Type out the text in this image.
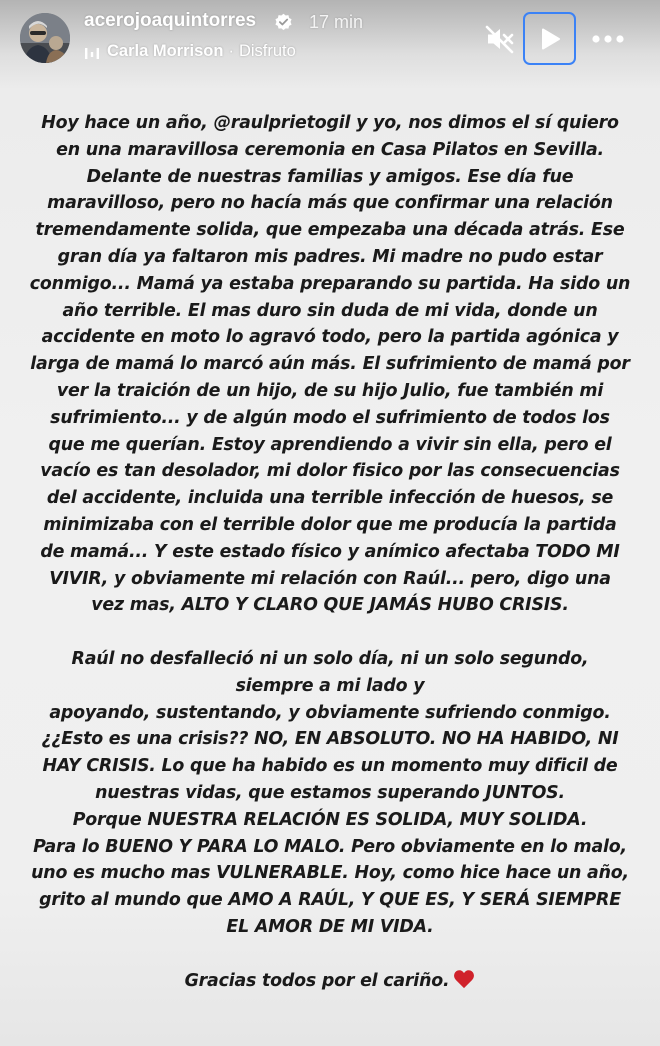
acerojoaquintorres	17 min
Carla Morrison · Disfruto

Hoy hace un año, @raulprietogil y yo, nos dimos el sí quiero
en una maravillosa ceremonia en Casa Pilatos en Sevilla.
Delante de nuestras familias y amigos. Ese día fue
maravilloso, pero no hacía más que confirmar una relación
tremendamente solida, que empezaba una década atrás. Ese
gran día ya faltaron mis padres. Mi madre no pudo estar
conmigo... Mamá ya estaba preparando su partida. Ha sido un
año terrible. El mas duro sin duda de mi vida, donde un
accidente en moto lo agravó todo, pero la partida agónica y
larga de mamá lo marcó aún más. El sufrimiento de mamá por
ver la traición de un hijo, de su hijo Julio, fue también mi
sufrimiento... y de algún modo el sufrimiento de todos los
que me querían. Estoy aprendiendo a vivir sin ella, pero el
vacío es tan desolador, mi dolor fisico por las consecuencias
del accidente, incluida una terrible infección de huesos, se
minimizaba con el terrible dolor que me producía la partida
de mamá... Y este estado físico y anímico afectaba TODO MI
VIVIR, y obviamente mi relación con Raúl... pero, digo una
vez mas, ALTO Y CLARO QUE JAMÁS HUBO CRISIS.

Raúl no desfalleció ni un solo día, ni un solo segundo,
siempre a mi lado y
apoyando, sustentando, y obviamente sufriendo conmigo.
¿¿Esto es una crisis?? NO, EN ABSOLUTO. NO HA HABIDO, NI
HAY CRISIS. Lo que ha habido es un momento muy dificil de
nuestras vidas, que estamos superando JUNTOS.
Porque NUESTRA RELACIÓN ES SOLIDA, MUY SOLIDA.
Para lo BUENO Y PARA LO MALO. Pero obviamente en lo malo,
uno es mucho mas VULNERABLE. Hoy, como hice hace un año,
grito al mundo que AMO A RAÚL, Y QUE ES, Y SERÁ SIEMPRE
EL AMOR DE MI VIDA.

Gracias todos por el cariño.
